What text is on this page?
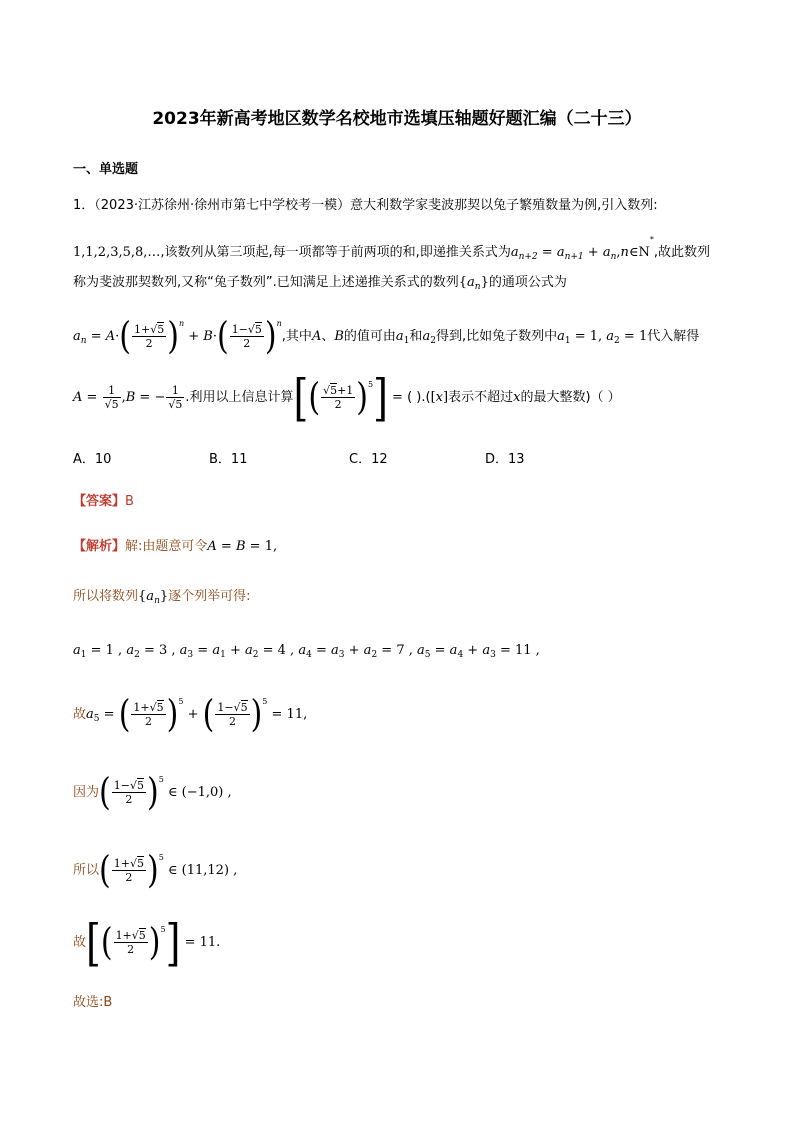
2023年新高考地区数学名校地市选填压轴题好题汇编（二十三）
一、单选题
1．（2023·江苏徐州·徐州市第七中学校考一模）意大利数学家斐波那契以兔子繁殖数量为例,引入数列:
1,1,2,3,5,8,…,该数列从第三项起,每一项都等于前两项的和,即递推关系式为$a_{n+2} = a_{n+1}$ + $a_n,n\in N^*$,故此数列
称为斐波那契数列,又称“兔子数列”.已知满足上述递推关系式的数列$\{a_n\}$的通项公式为
$a_n = A\cdot( \frac{1+√5}{2} )^n + B\cdot( \frac{1-√5}{2} )^n$,其中A、B的值可由$a_1$和$a_2$得到,比如兔子数列中$a_1 = 1$, $a_2 = 1$代入解得
$A = \frac{1}{√5} ,B$ = − $\frac{1}{√5}$ .利用以上信息计算[( $\frac{√5+1}{2} )^5$] = ( ).([x]表示不超过x的最大整数)（ ）
A．10	B．11	C．12	D．13
【答案】B
【解析】解:由题意可令A = B = 1,
所以将数列$\{a_n\}$逐个列举可得:
$a_1 = 1$ , $a_2 = 3$ , $a_3 = a_1 + a_2 = 4$ , $a_4 = a_3 + a_2 = 7$ , $a_5 = a_4 + a_3 = 11$ ,
故$a_5$ = ( $\frac{1+√5}{2} )^5$ + ( $\frac{1-√5}{2} )^5 = 11$,
因为( $\frac{1-√5}{2} )^5$ ∈ (−1,0) ,
所以( $\frac{1+√5}{2} )^5$ ∈ (11,12) ,
故[( $\frac{1+√5}{2} )^5] = 11$.
故选:B
